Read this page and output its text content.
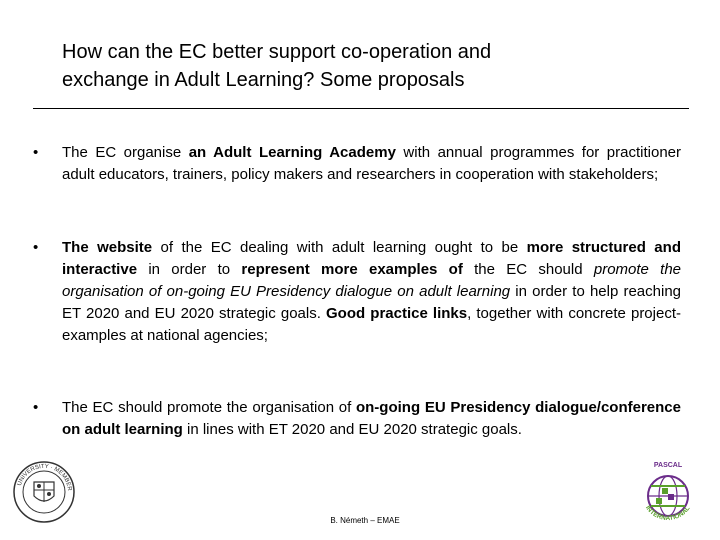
How can the EC better support co-operation and
exchange in Adult Learning? Some proposals
•	The EC organise an Adult Learning Academy with annual programmes for practitioner adult educators, trainers, policy makers and researchers in cooperation with stakeholders;
•	The website of the EC dealing with adult learning ought to be more structured and interactive in order to represent more examples of the EC should promote the organisation of on-going EU Presidency dialogue on adult learning in order to help reaching ET 2020 and EU 2020 strategic goals. Good practice links, together with concrete project-examples at national agencies;
•	The EC should promote the organisation of on-going EU Presidency dialogue/conference on adult learning in lines with ET 2020 and EU 2020 strategic goals.
UNIVERSITY · MEMBER
PASCAL
INTERNATIONAL
B. Németh – EMAE
